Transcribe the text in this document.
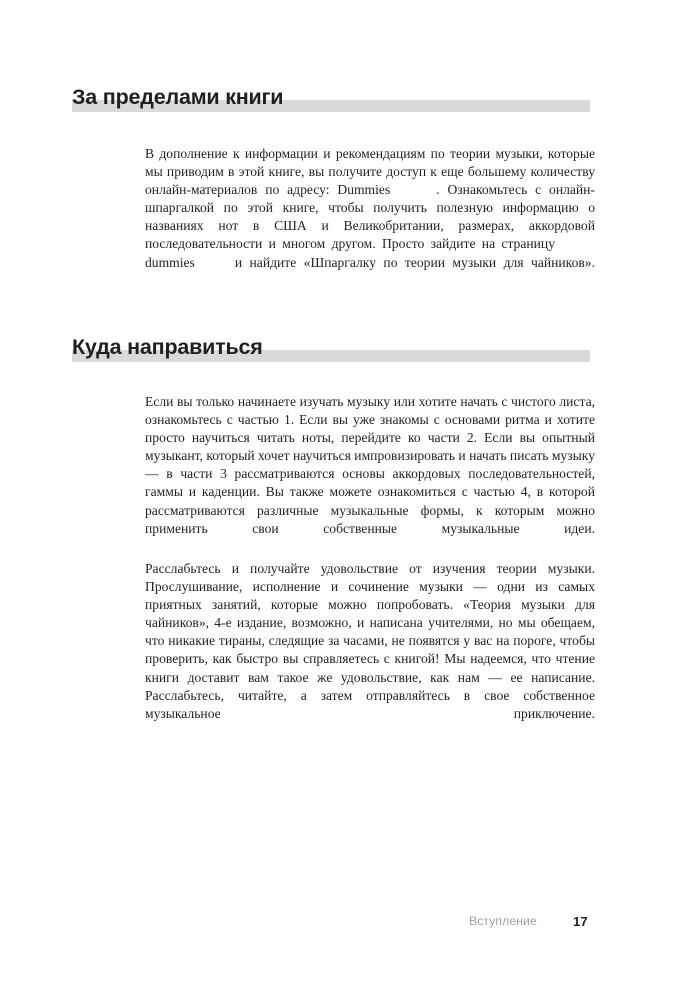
За пределами книги

В дополнение к информации и рекомендациям по теории музыки, которые мы приводим в этой книге, вы получите доступ к еще большему количеству онлайн-материалов по адресу: Dummies	. Ознакомьтесь с онлайн-шпаргалкой по этой книге, чтобы получить полезную информацию о названиях нот в США и Великобритании, размерах, аккордовой последовательности и многом другом. Просто зайдите на страницуdummies	и найдите «Шпаргалку по теории музыки для чайников».

Куда направиться

Если вы только начинаете изучать музыку или хотите начать с чистого листа, ознакомьтесь с частью 1. Если вы уже знакомы с основами ритма и хотите просто научиться читать ноты, перейдите ко части 2. Если вы опытный музыкант, который хочет научиться импровизировать и начать писать музыку — в части 3 рассматриваются основы аккордовых последовательностей, гаммы и каденции. Вы также можете ознакомиться с частью 4, в которой рассматриваются различные музыкальные формы, к которым можно применить свои собственные музыкальные идеи.

Расслабьтесь и получайте удовольствие от изучения теории музыки. Прослушивание, исполнение и сочинение музыки — одни из самых приятных занятий, которые можно попробовать. «Теория музыки для чайников», 4-е издание, возможно, и написана учителями, но мы обещаем, что никакие тираны, следящие за часами, не появятся у вас на пороге, чтобы проверить, как быстро вы справляетесь с книгой! Мы надеемся, что чтение книги доставит вам такое же удовольствие, как нам — ее написание. Расслабьтесь, читайте, а затем отправляйтесь в свое собственное музыкальное приключение.

Вступление	17
